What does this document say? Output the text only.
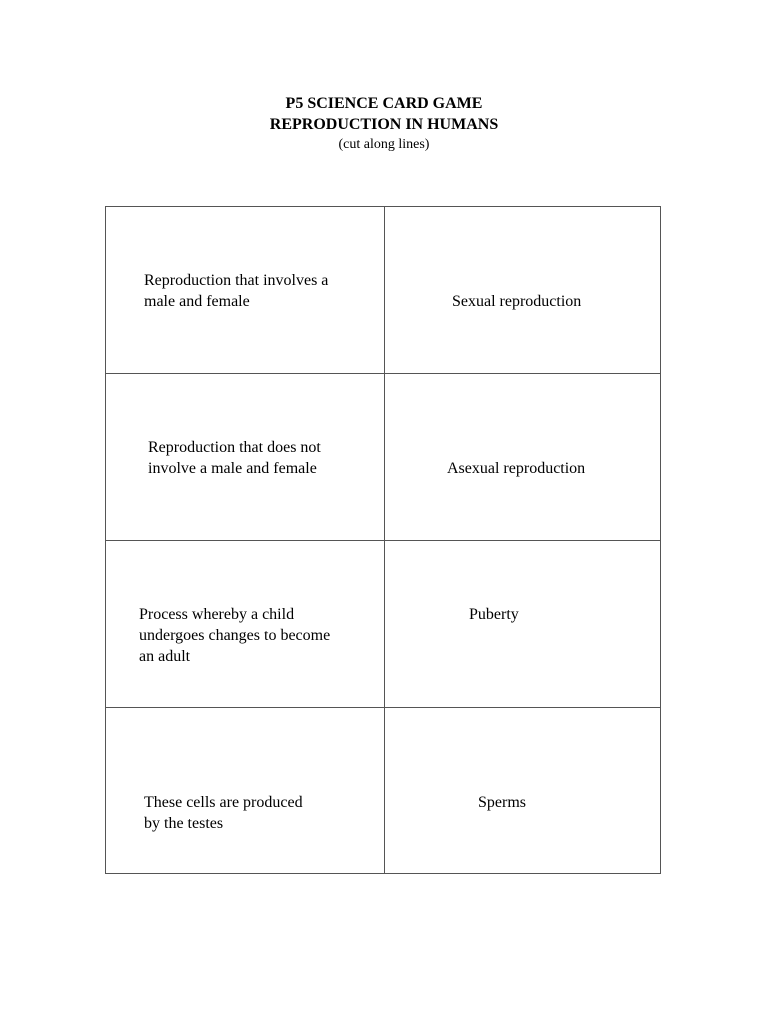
P5 SCIENCE CARD GAME
REPRODUCTION IN HUMANS
(cut along lines)
Reproduction that involves a
male and female	Sexual reproduction
Reproduction that does not
involve a male and female	Asexual reproduction
Process whereby a child
undergoes changes to become
an adult
Puberty
These cells are produced
by the testes
Sperms
